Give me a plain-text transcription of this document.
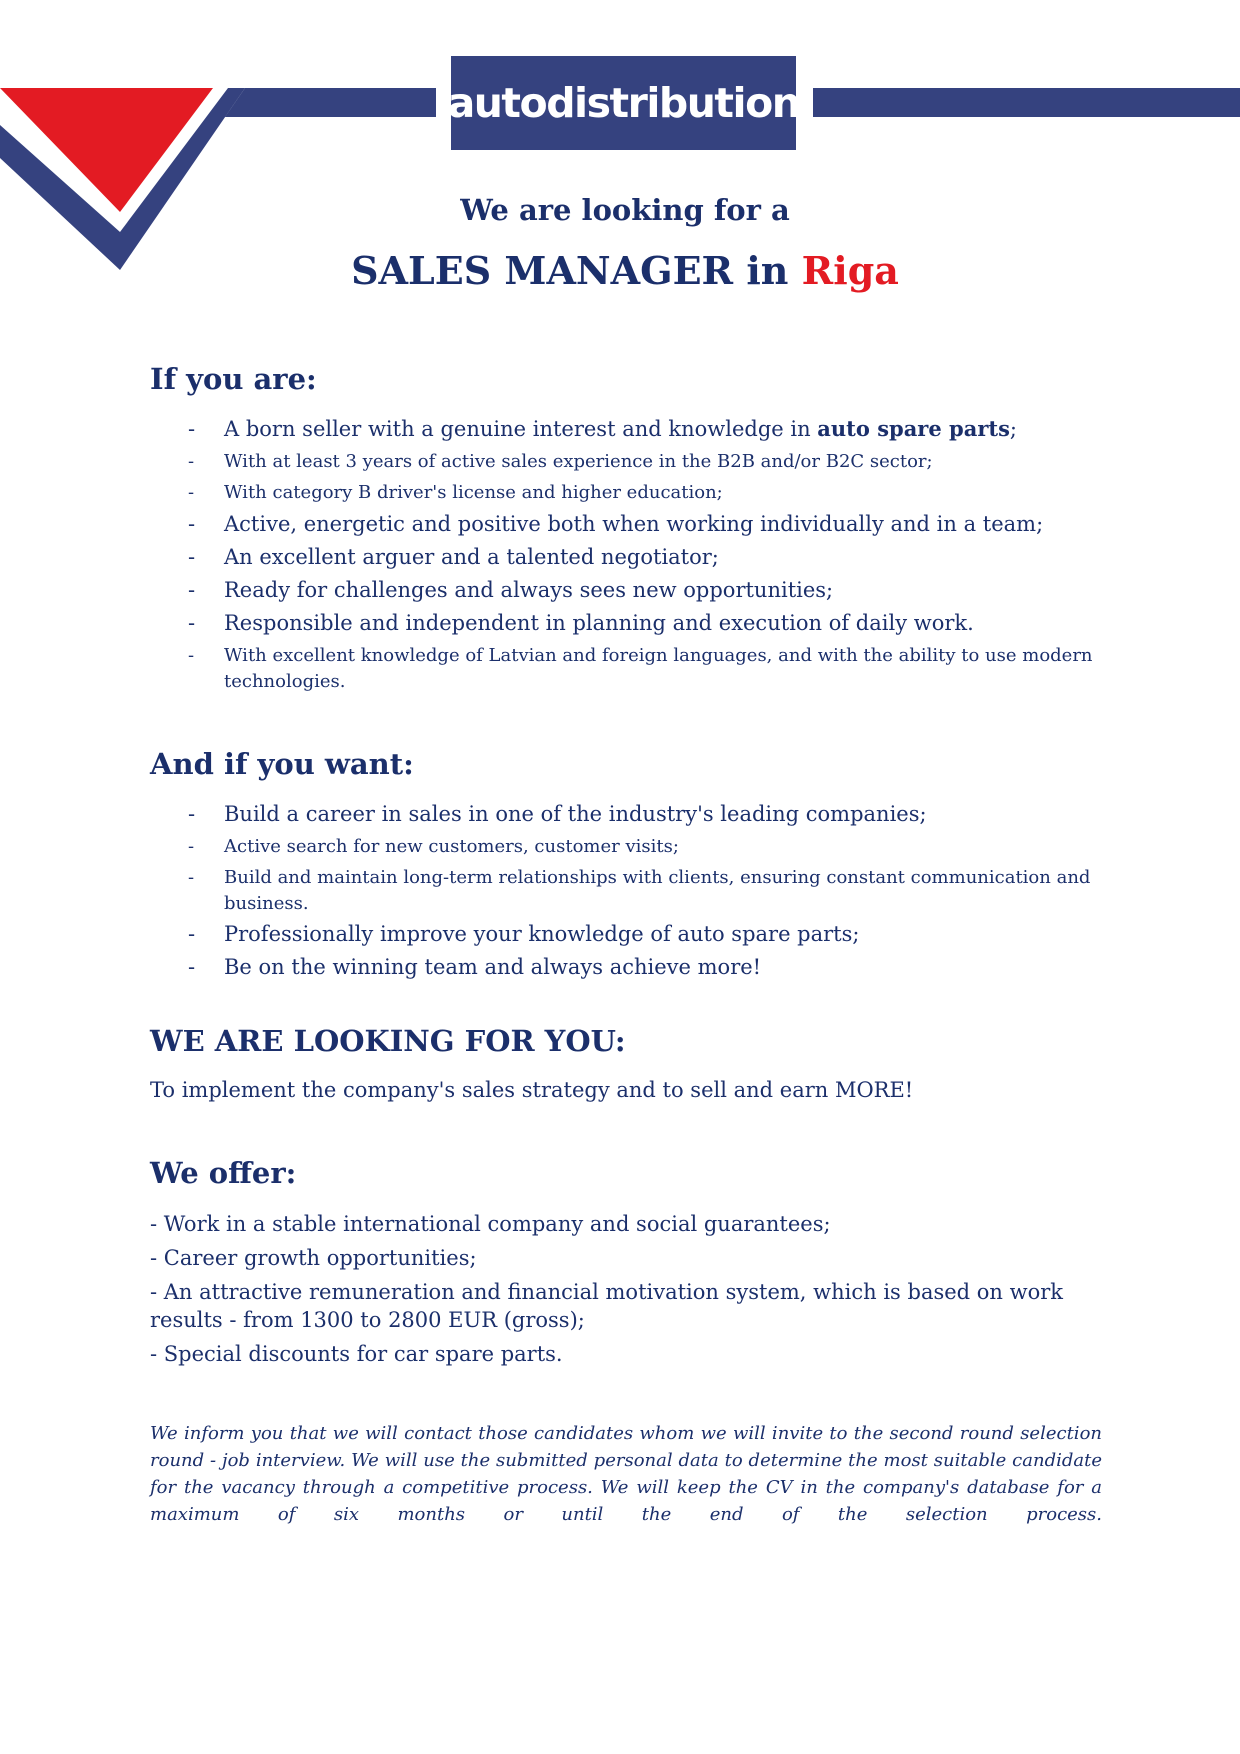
autodistribution
We are looking for a
SALES MANAGER in Riga
If you are:
- A born seller with a genuine interest and knowledge in auto spare parts;
- With at least 3 years of active sales experience in the B2B and/or B2C sector;
- With category B driver's license and higher education;
- Active, energetic and positive both when working individually and in a team;
- An excellent arguer and a talented negotiator;
- Ready for challenges and always sees new opportunities;
- Responsible and independent in planning and execution of daily work.
- With excellent knowledge of Latvian and foreign languages, and with the ability to use modern technologies.
And if you want:
- Build a career in sales in one of the industry's leading companies;
- Active search for new customers, customer visits;
- Build and maintain long-term relationships with clients, ensuring constant communication and business.
- Professionally improve your knowledge of auto spare parts;
- Be on the winning team and always achieve more!
WE ARE LOOKING FOR YOU:

To implement the company's sales strategy and to sell and earn MORE!

We offer:
- Work in a stable international company and social guarantees;
- Career growth opportunities;
- An attractive remuneration and financial motivation system, which is based on work results - from 1300 to 2800 EUR (gross);
- Special discounts for car spare parts.

We inform you that we will contact those candidates whom we will invite to the second round selection round - job interview. We will use the submitted personal data to determine the most suitable candidate for the vacancy through a competitive process. We will keep the CV in the company's database for a maximum of six months or until the end of the selection process.
